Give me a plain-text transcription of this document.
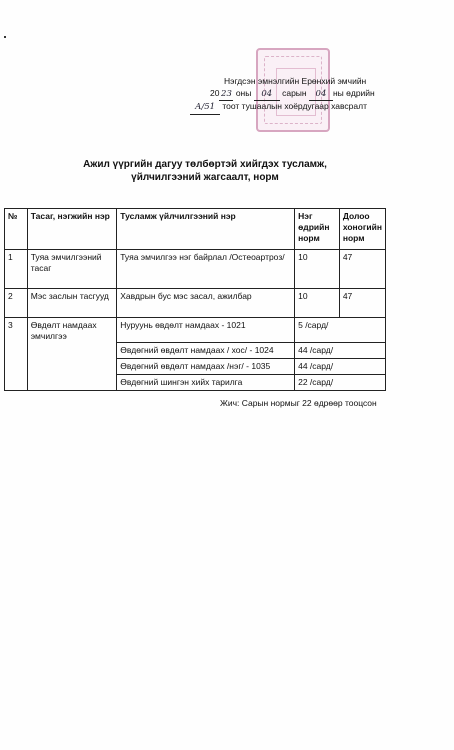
Нэгдсэн эмнэлгийн Ерөнхий эмчийн
20 23 оны 04 сарын 04 ны өдрийн
А/51 тоот тушаалын хоёрдугаар хавсралт
Ажил үүргийн дагуу төлбөртэй хийгдэх тусламж,
үйлчилгээний жагсаалт, норм
№	Тасаг, нэгжийн нэр	Тусламж үйлчилгээний нэр	Нэг өдрийн норм	Долоо хоногийн норм
1	Туяа эмчилгээний тасаг	Туяа эмчилгээ нэг байрлал /Остеоартроз/	10	47
2	Мэс заслын тасгууд	Хавдрын бус мэс засал, ажилбар	10	47
3	Өвдөлт намдаах эмчилгээ	Нуруунь өвдөлт намдаах - 1021	5 /сард/	
		Өвдөгний өвдөлт намдаах / хос/ - 1024	44 /сард/	
		Өвдөгний өвдөлт намдаах /нэг/ - 1035	44 /сард/	
		Өвдөгний шингэн хийх тарилга	22 /сард/	
Жич: Сарын нормыг 22 өдрөөр тооцсон
